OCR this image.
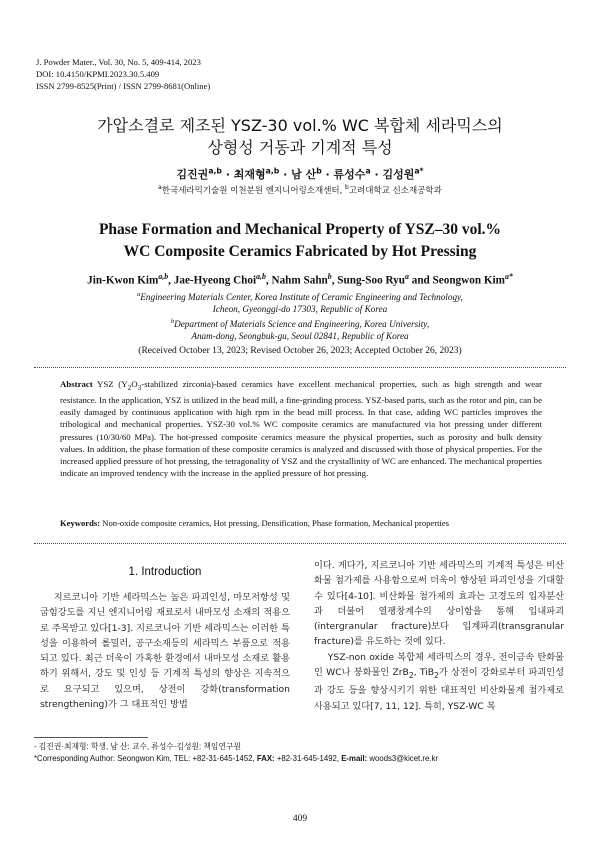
J. Powder Mater., Vol. 30, No. 5, 409-414, 2023
DOI: 10.4150/KPMI.2023.30.5.409
ISSN 2799-8525(Print) / ISSN 2799-8681(Online)
가압소결로 제조된 YSZ-30 vol.% WC 복합체 세라믹스의
상형성 거동과 기계적 특성
김진권$^{a,b}$ · 최재형$^{a,b}$ · 남 산$^b$ · 류성수$^a$ · 김성원$^{a*}$
$^a$한국세라믹기술원 이천분원 엔지니어링소재센터, $^b$고려대학교 신소재공학과
Phase Formation and Mechanical Property of YSZ–30 vol.%
WC Composite Ceramics Fabricated by Hot Pressing
Jin-Kwon Kim$^{a,b}$, Jae-Hyeong Choi$^{a,b}$, Nahm Sahn$^b$, Sung-Soo Ryu$^a$ and Seongwon Kim$^{a*}$
$^a$Engineering Materials Center, Korea Institute of Ceramic Engineering and Technology,
Icheon, Gyeonggi-do 17303, Republic of Korea
$^b$Department of Materials Science and Engineering, Korea University,
Anam-dong, Seongbuk-gu, Seoul 02841, Republic of Korea
(Received October 13, 2023; Revised October 26, 2023; Accepted October 26, 2023)
Abstract YSZ ($Y_2O_3$-stabilized zirconia)-based ceramics have excellent mechanical properties, such as high strength and wear resistance. In the application, YSZ is utilized in the bead mill, a fine-grinding process. YSZ-based parts, such as the rotor and pin, can be easily damaged by continuous application with high rpm in the bead mill process. In that case, adding WC particles improves the tribological and mechanical properties. YSZ-30 vol.% WC composite ceramics are manufactured via hot pressing under different pressures (10/30/60 MPa). The hot-pressed composite ceramics measure the physical properties, such as porosity and bulk density values. In addition, the phase formation of these composite ceramics is analyzed and discussed with those of physical properties. For the increased applied pressure of hot pressing, the tetragonality of YSZ and the crystallinity of WC are enhanced. The mechanical properties indicate an improved tendency with the increase in the applied pressure of hot pressing.
Keywords: Non-oxide composite ceramics, Hot pressing, Densification, Phase formation, Mechanical properties
1. Introduction
지르코니아 기반 세라믹스는 높은 파괴인성, 마모저항성 및 굽힘강도를 지닌 엔지니어링 재료로서 내마모성 소재의 적용으로 주목받고 있다[1-3]. 지르코니아 기반 세라믹스는 이러한 특성을 이용하여 롤밀러, 공구소재등의 세라믹스 부품으로 적용되고 있다. 최근 더욱이 가혹한 환경에서 내마모성 소재로 활용하기 위해서, 강도 및 인성 등 기계적 특성의 향상은 지속적으로 요구되고 있으며, 상전이 강화(transformation strengthening)가 그 대표적인 방법
이다. 게다가, 지르코니아 기반 세라믹스의 기계적 특성은 비산화물 첨가제를 사용함으로써 더욱이 향상된 파괴인성을 기대할 수 있다[4-10]. 비산화물 첨가제의 효과는 고경도의 입자분산과 더불어 열팽창계수의 상이함을 통해 입내파괴(intergranular fracture)보다 입계파괴(transgranular fracture)를 유도하는 것에 있다.
YSZ-non oxide 복합체 세라믹스의 경우, 전이금속 탄화물인 WC나 붕화물인 ZrB$_2$, TiB$_2$가 상전이 강화로부터 파괴인성과 강도 등을 향상시키기 위한 대표적인 비산화물계 첨가제로 사용되고 있다[7, 11, 12]. 특히, YSZ-WC 복
- 김진권·최재형: 학생, 남 산: 교수, 류성수·김성원: 책임연구원
*Corresponding Author: Seongwon Kim, TEL: +82-31-645-1452, FAX: +82-31-645-1492, E-mail: woods3@kicet.re.kr
409
